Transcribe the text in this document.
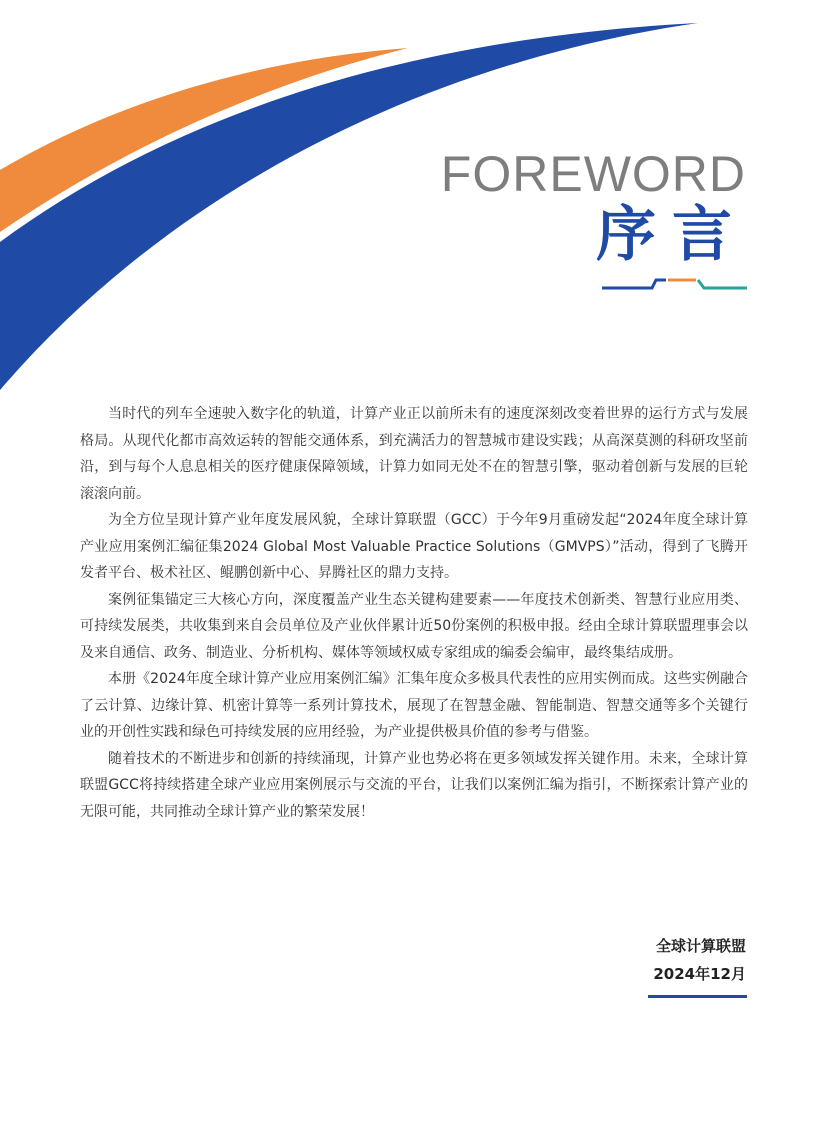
FOREWORD
序言

当时代的列车全速驶入数字化的轨道，计算产业正以前所未有的速度深刻改变着世界的运行方式与发展格局。从现代化都市高效运转的智能交通体系，到充满活力的智慧城市建设实践；从高深莫测的科研攻坚前沿，到与每个人息息相关的医疗健康保障领域，计算力如同无处不在的智慧引擎，驱动着创新与发展的巨轮滚滚向前。

为全方位呈现计算产业年度发展风貌，全球计算联盟（GCC）于今年9月重磅发起“2024年度全球计算产业应用案例汇编征集2024 Global Most Valuable Practice Solutions（GMVPS）”活动，得到了飞腾开发者平台、极术社区、鲲鹏创新中心、昇腾社区的鼎力支持。

案例征集锚定三大核心方向，深度覆盖产业生态关键构建要素——年度技术创新类、智慧行业应用类、可持续发展类，共收集到来自会员单位及产业伙伴累计近50份案例的积极申报。经由全球计算联盟理事会以及来自通信、政务、制造业、分析机构、媒体等领域权威专家组成的编委会编审，最终集结成册。

本册《2024年度全球计算产业应用案例汇编》汇集年度众多极具代表性的应用实例而成。这些实例融合了云计算、边缘计算、机密计算等一系列计算技术，展现了在智慧金融、智能制造、智慧交通等多个关键行业的开创性实践和绿色可持续发展的应用经验，为产业提供极具价值的参考与借鉴。

随着技术的不断进步和创新的持续涌现，计算产业也势必将在更多领域发挥关键作用。未来，全球计算联盟GCC将持续搭建全球产业应用案例展示与交流的平台，让我们以案例汇编为指引，不断探索计算产业的无限可能，共同推动全球计算产业的繁荣发展！

全球计算联盟
2024年12月
